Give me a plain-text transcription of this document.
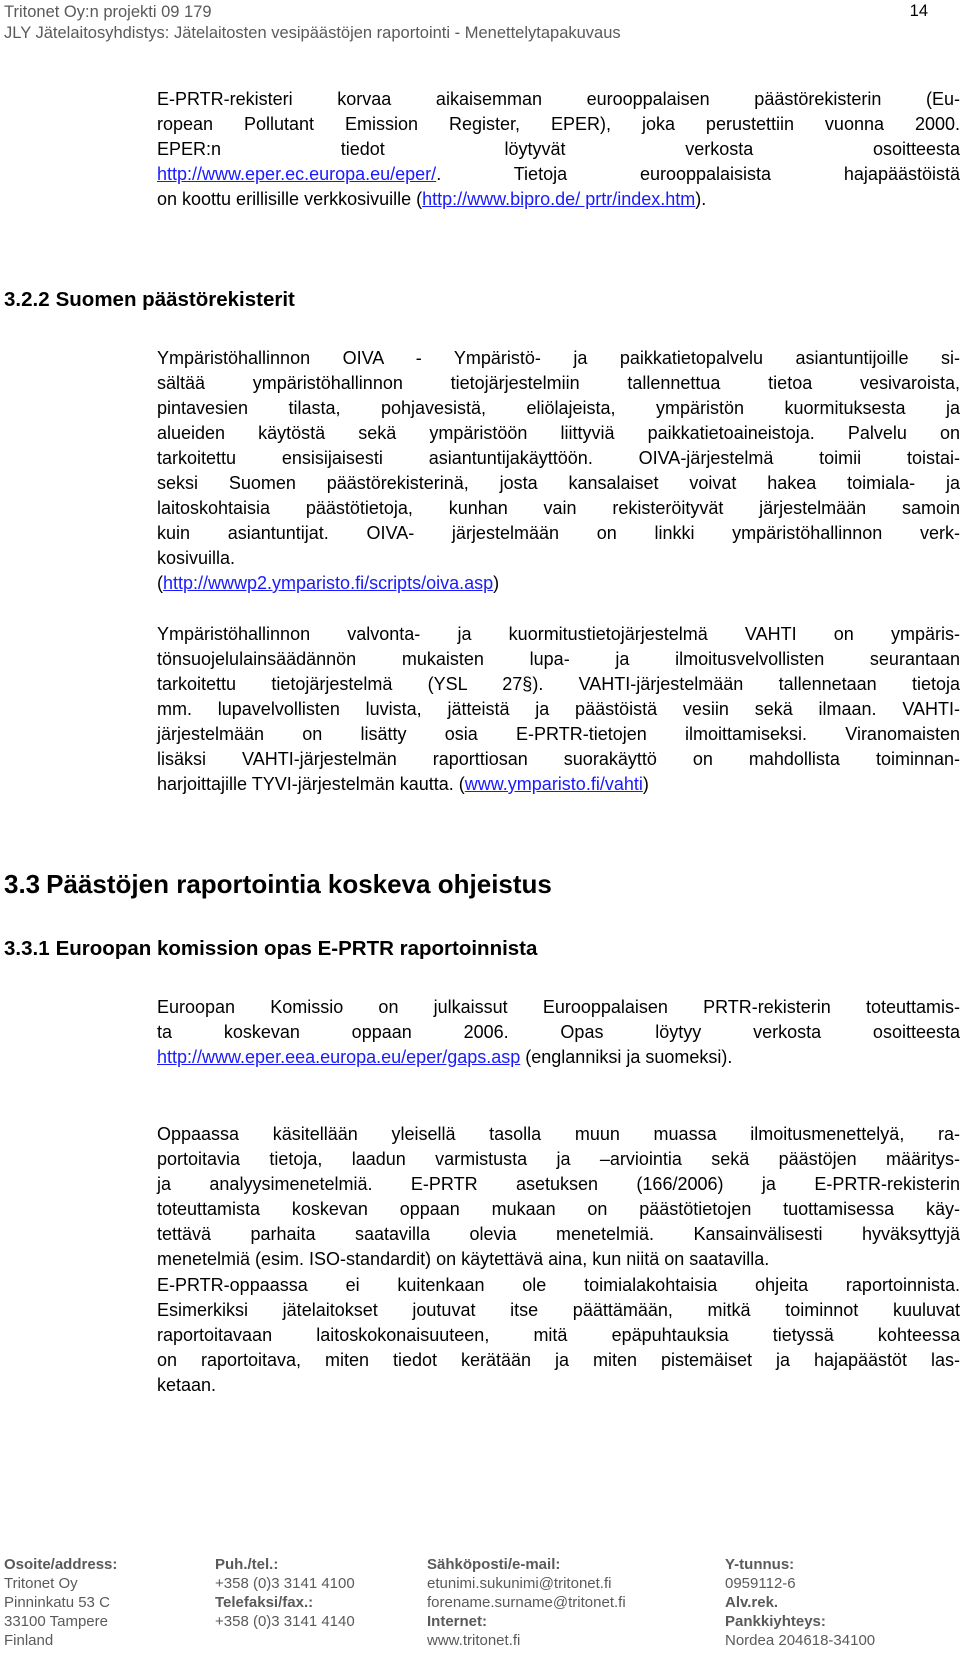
Tritonet Oy:n projekti 09 179
JLY Jätelaitosyhdistys: Jätelaitosten vesipäästöjen raportointi - Menettelytapakuvaus
14
E-PRTR-rekisteri korvaa aikaisemman eurooppalaisen päästörekisterin (Eu-
ropean Pollutant Emission Register, EPER), joka perustettiin vuonna 2000.
EPER:n tiedot löytyvät verkosta osoitteesta
http://www.eper.ec.europa.eu/eper/. Tietoja eurooppalaisista hajapäästöistä
on koottu erillisille verkkosivuille (http://www.bipro.de/ prtr/index.htm).
3.2.2 Suomen päästörekisterit
Ympäristöhallinnon OIVA - Ympäristö- ja paikkatietopalvelu asiantuntijoille si-
sältää ympäristöhallinnon tietojärjestelmiin tallennettua tietoa vesivaroista,
pintavesien tilasta, pohjavesistä, eliölajeista, ympäristön kuormituksesta ja
alueiden käytöstä sekä ympäristöön liittyviä paikkatietoaineistoja. Palvelu on
tarkoitettu ensisijaisesti asiantuntijakäyttöön. OIVA-järjestelmä toimii toistai-
seksi Suomen päästörekisterinä, josta kansalaiset voivat hakea toimiala- ja
laitoskohtaisia päästötietoja, kunhan vain rekisteröityvät järjestelmään samoin
kuin asiantuntijat. OIVA- järjestelmään on linkki ympäristöhallinnon verk-
kosivuilla.
(http://wwwp2.ymparisto.fi/scripts/oiva.asp)
Ympäristöhallinnon valvonta- ja kuormitustietojärjestelmä VAHTI on ympäris-
tönsuojelulainsäädännön mukaisten lupa- ja ilmoitusvelvollisten seurantaan
tarkoitettu tietojärjestelmä (YSL 27§). VAHTI-järjestelmään tallennetaan tietoja
mm. lupavelvollisten luvista, jätteistä ja päästöistä vesiin sekä ilmaan. VAHTI-
järjestelmään on lisätty osia E-PRTR-tietojen ilmoittamiseksi. Viranomaisten
lisäksi VAHTI-järjestelmän raporttiosan suorakäyttö on mahdollista toiminnan-
harjoittajille TYVI-järjestelmän kautta. (www.ymparisto.fi/vahti)
3.3 Päästöjen raportointia koskeva ohjeistus
3.3.1 Euroopan komission opas E-PRTR raportoinnista
Euroopan Komissio on julkaissut Eurooppalaisen PRTR-rekisterin toteuttamis-
ta koskevan oppaan 2006. Opas löytyy verkosta osoitteesta
http://www.eper.eea.europa.eu/eper/gaps.asp (englanniksi ja suomeksi).
Oppaassa käsitellään yleisellä tasolla muun muassa ilmoitusmenettelyä, ra-
portoitavia tietoja, laadun varmistusta ja –arviointia sekä päästöjen määritys-
ja analyysimenetelmiä. E-PRTR asetuksen (166/2006) ja E-PRTR-rekisterin
toteuttamista koskevan oppaan mukaan on päästötietojen tuottamisessa käy-
tettävä parhaita saatavilla olevia menetelmiä. Kansainvälisesti hyväksyttyjä
menetelmiä (esim. ISO-standardit) on käytettävä aina, kun niitä on saatavilla.
E-PRTR-oppaassa ei kuitenkaan ole toimialakohtaisia ohjeita raportoinnista.
Esimerkiksi jätelaitokset joutuvat itse päättämään, mitkä toiminnot kuuluvat
raportoitavaan laitoskokonaisuuteen, mitä epäpuhtauksia tietyssä kohteessa
on raportoitava, miten tiedot kerätään ja miten pistemäiset ja hajapäästöt las-
ketaan.
Osoite/address:
Tritonet Oy
Pinninkatu 53 C
33100 Tampere
Finland
Puh./tel.:
+358 (0)3 3141 4100
Telefaksi/fax.:
+358 (0)3 3141 4140
Sähköposti/e-mail:
etunimi.sukunimi@tritonet.fi
forename.surname@tritonet.fi
Internet:
www.tritonet.fi
Y-tunnus:
0959112-6
Alv.rek.
Pankkiyhteys:
Nordea 204618-34100
